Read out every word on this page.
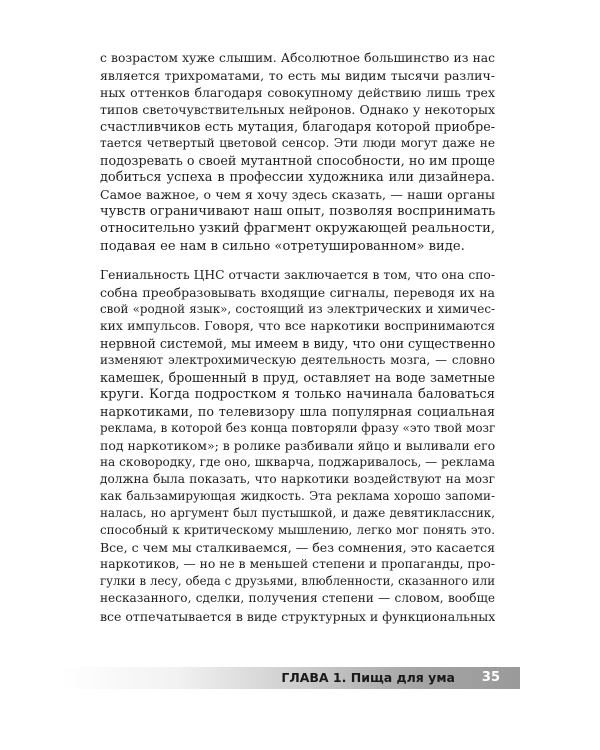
с возрастом хуже слышим. Абсолютное большинство из нас
является трихроматами, то есть мы видим тысячи различ-
ных оттенков благодаря совокупному действию лишь трех
типов светочувствительных нейронов. Однако у некоторых
счастливчиков есть мутация, благодаря которой приобре-
тается четвертый цветовой сенсор. Эти люди могут даже не
подозревать о своей мутантной способности, но им проще
добиться успеха в профессии художника или дизайнера.
Самое важное, о чем я хочу здесь сказать, — наши органы
чувств ограничивают наш опыт, позволяя воспринимать
относительно узкий фрагмент окружающей реальности,
подавая ее нам в сильно «отретушированном» виде.
Гениальность ЦНС отчасти заключается в том, что она спо-
собна преобразовывать входящие сигналы, переводя их на
свой «родной язык», состоящий из электрических и химичес-
ких импульсов. Говоря, что все наркотики воспринимаются
нервной системой, мы имеем в виду, что они существенно
изменяют электрохимическую деятельность мозга, — словно
камешек, брошенный в пруд, оставляет на воде заметные
круги. Когда подростком я только начинала баловаться
наркотиками, по телевизору шла популярная социальная
реклама, в которой без конца повторяли фразу «это твой мозг
под наркотиком»; в ролике разбивали яйцо и выливали его
на сковородку, где оно, шкварча, поджаривалось, — реклама
должна была показать, что наркотики воздействуют на мозг
как бальзамирующая жидкость. Эта реклама хорошо запоми-
налась, но аргумент был пустышкой, и даже девятиклассник,
способный к критическому мышлению, легко мог понять это.
Все, с чем мы сталкиваемся, — без сомнения, это касается
наркотиков, — но не в меньшей степени и пропаганды, про-
гулки в лесу, обеда с друзьями, влюбленности, сказанного или
несказанного, сделки, получения степени — словом, вообще
все отпечатывается в виде структурных и функциональных
ГЛАВА 1. Пища для ума 35
